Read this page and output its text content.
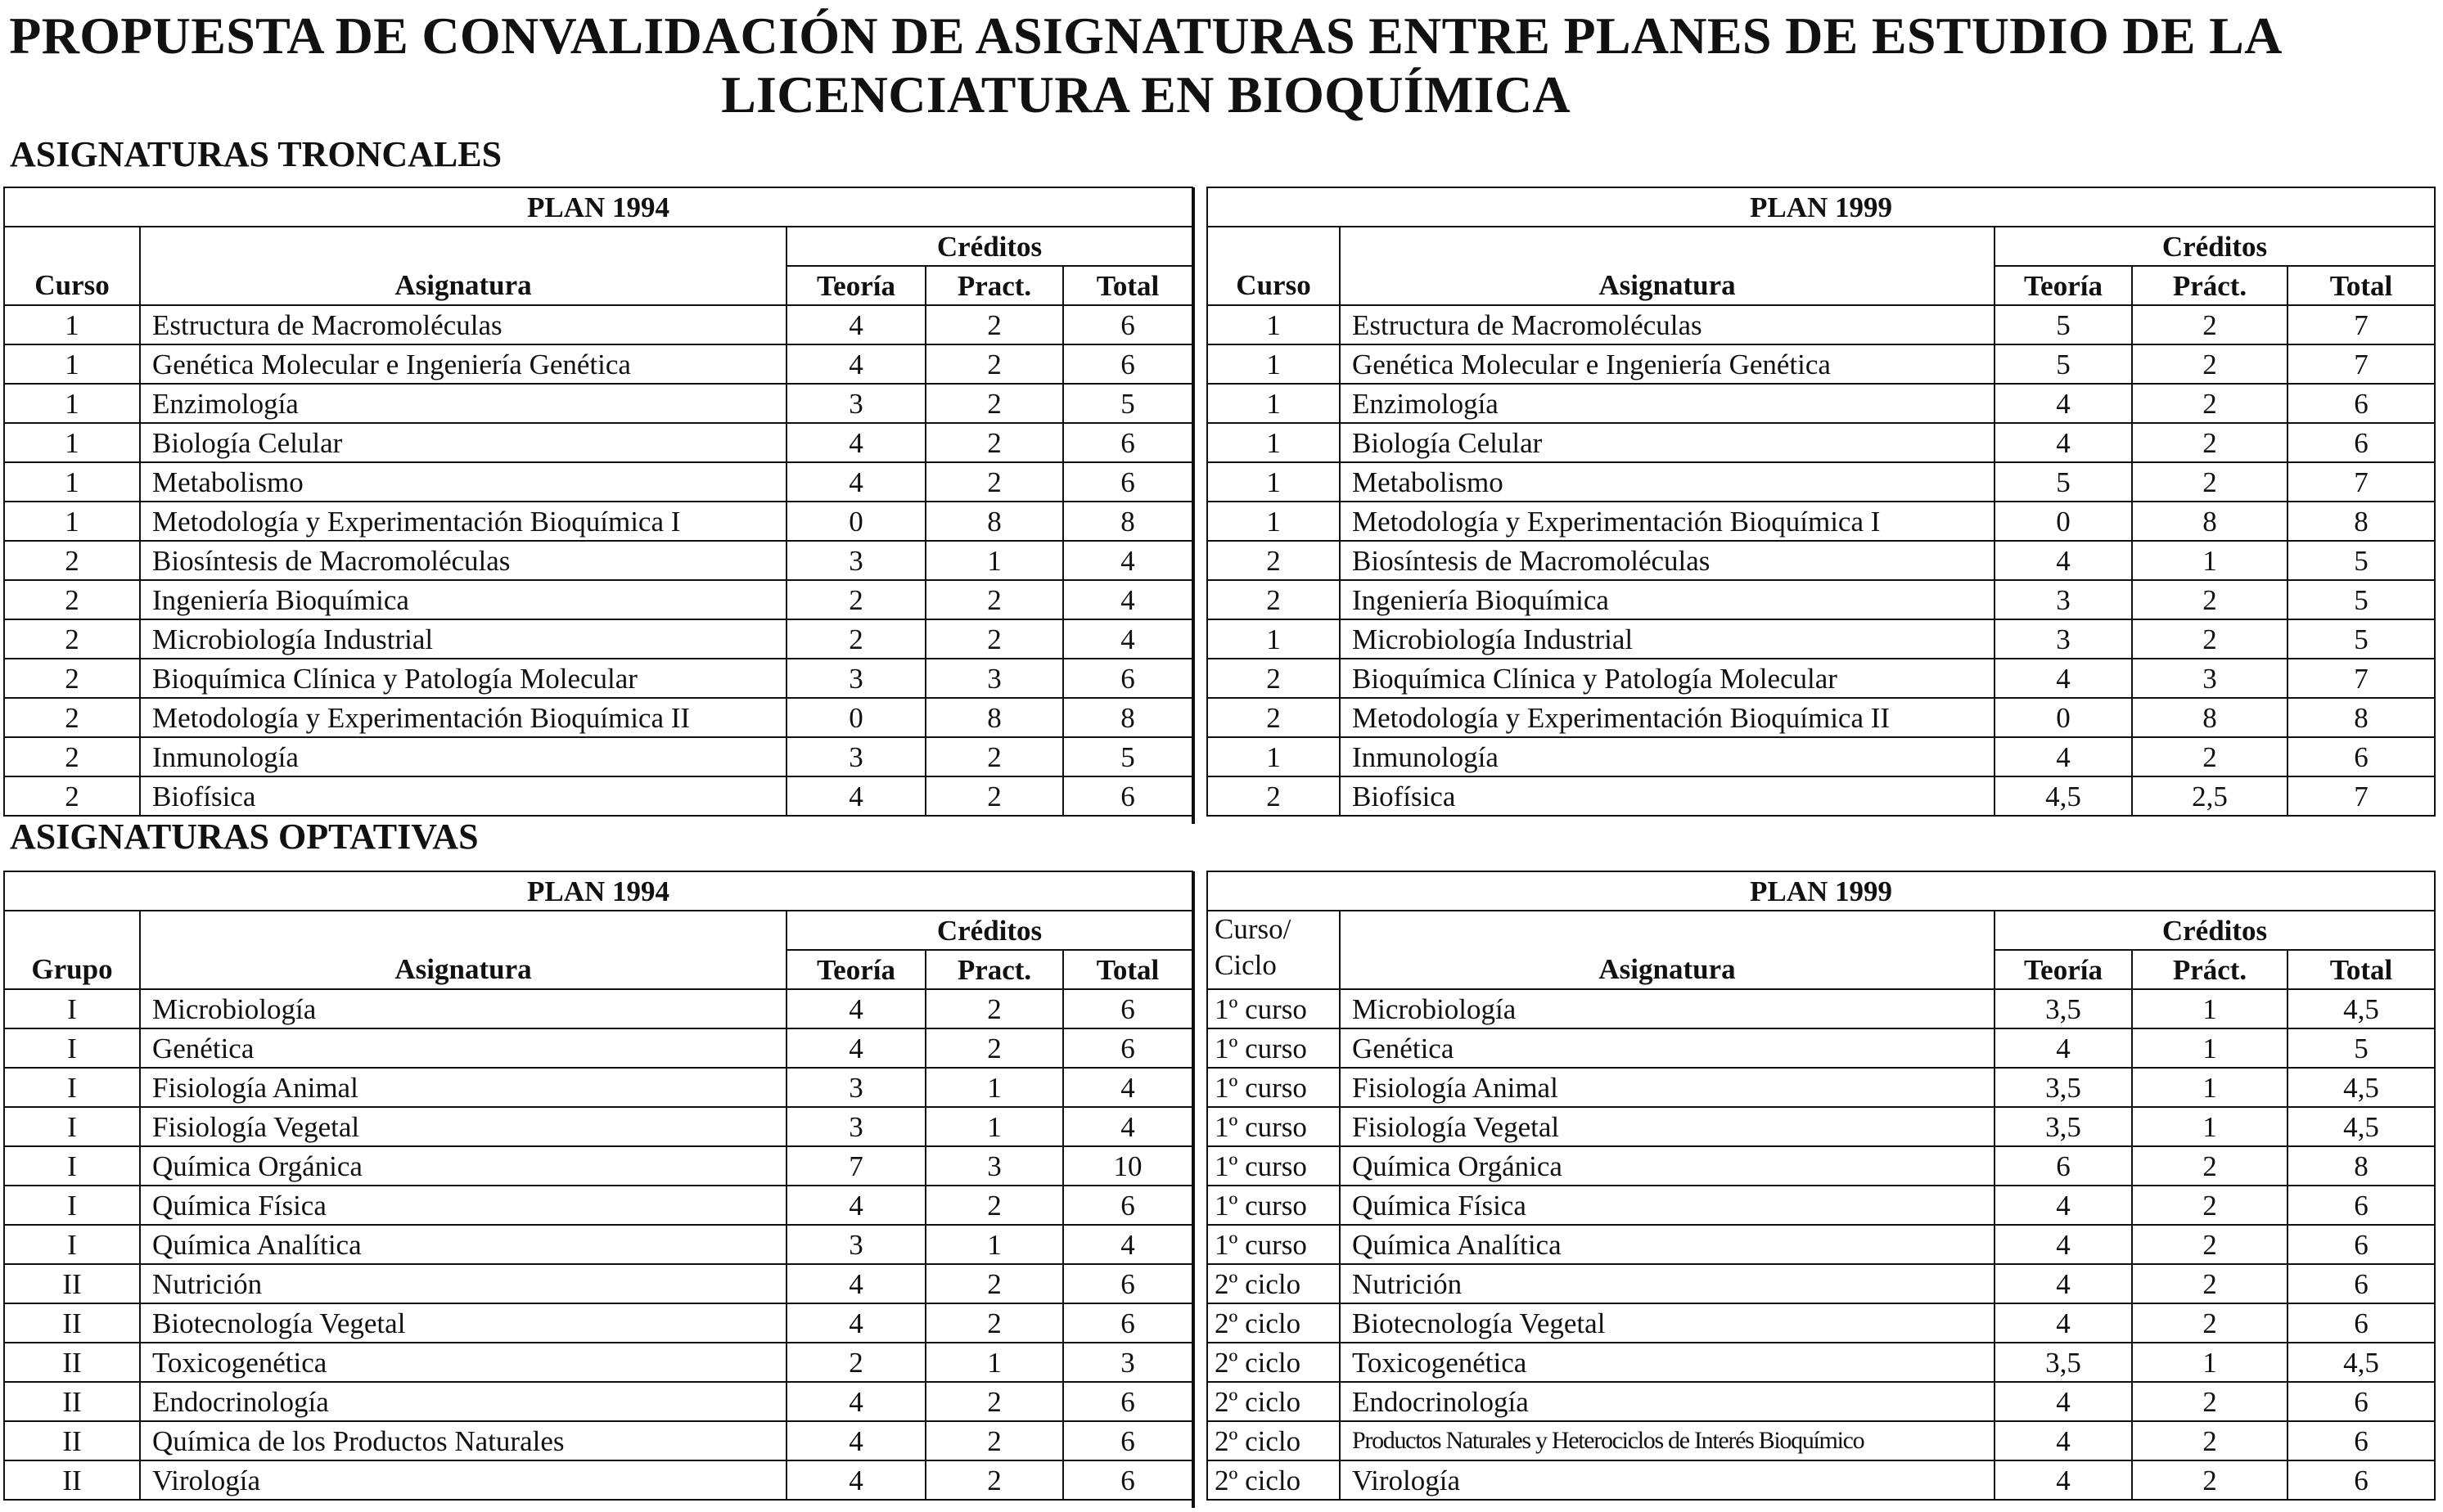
PROPUESTA DE CONVALIDACIÓN DE ASIGNATURAS ENTRE PLANES DE ESTUDIO DE LA
LICENCIATURA EN BIOQUÍMICA
ASIGNATURAS TRONCALES
ASIGNATURAS OPTATIVAS
PLAN 1994				
Curso	Asignatura	Créditos		
		Teoría	Pract.	Total
1	Estructura de Macromoléculas	4	2	6
1	Genética Molecular e Ingeniería Genética	4	2	6
1	Enzimología	3	2	5
1	Biología Celular	4	2	6
1	Metabolismo	4	2	6
1	Metodología y Experimentación Bioquímica I	0	8	8
2	Biosíntesis de Macromoléculas	3	1	4
2	Ingeniería Bioquímica	2	2	4
2	Microbiología Industrial	2	2	4
2	Bioquímica Clínica y Patología Molecular	3	3	6
2	Metodología y Experimentación Bioquímica II	0	8	8
2	Inmunología	3	2	5
2	Biofísica	4	2	6
PLAN 1999				
Curso	Asignatura	Créditos		
		Teoría	Práct.	Total
1	Estructura de Macromoléculas	5	2	7
1	Genética Molecular e Ingeniería Genética	5	2	7
1	Enzimología	4	2	6
1	Biología Celular	4	2	6
1	Metabolismo	5	2	7
1	Metodología y Experimentación Bioquímica I	0	8	8
2	Biosíntesis de Macromoléculas	4	1	5
2	Ingeniería Bioquímica	3	2	5
1	Microbiología Industrial	3	2	5
2	Bioquímica Clínica y Patología Molecular	4	3	7
2	Metodología y Experimentación Bioquímica II	0	8	8
1	Inmunología	4	2	6
2	Biofísica	4,5	2,5	7
PLAN 1994				
Grupo	Asignatura	Créditos		
		Teoría	Pract.	Total
I	Microbiología	4	2	6
I	Genética	4	2	6
I	Fisiología Animal	3	1	4
I	Fisiología Vegetal	3	1	4
I	Química Orgánica	7	3	10
I	Química Física	4	2	6
I	Química Analítica	3	1	4
II	Nutrición	4	2	6
II	Biotecnología Vegetal	4	2	6
II	Toxicogenética	2	1	3
II	Endocrinología	4	2	6
II	Química de los Productos Naturales	4	2	6
II	Virología	4	2	6
PLAN 1999				
Curso/
Ciclo	Asignatura	Créditos		
		Teoría	Práct.	Total
1º curso	Microbiología	3,5	1	4,5
1º curso	Genética	4	1	5
1º curso	Fisiología Animal	3,5	1	4,5
1º curso	Fisiología Vegetal	3,5	1	4,5
1º curso	Química Orgánica	6	2	8
1º curso	Química Física	4	2	6
1º curso	Química Analítica	4	2	6
2º ciclo	Nutrición	4	2	6
2º ciclo	Biotecnología Vegetal	4	2	6
2º ciclo	Toxicogenética	3,5	1	4,5
2º ciclo	Endocrinología	4	2	6
2º ciclo	Productos Naturales y Heterociclos de Interés Bioquímico	4	2	6
2º ciclo	Virología	4	2	6
